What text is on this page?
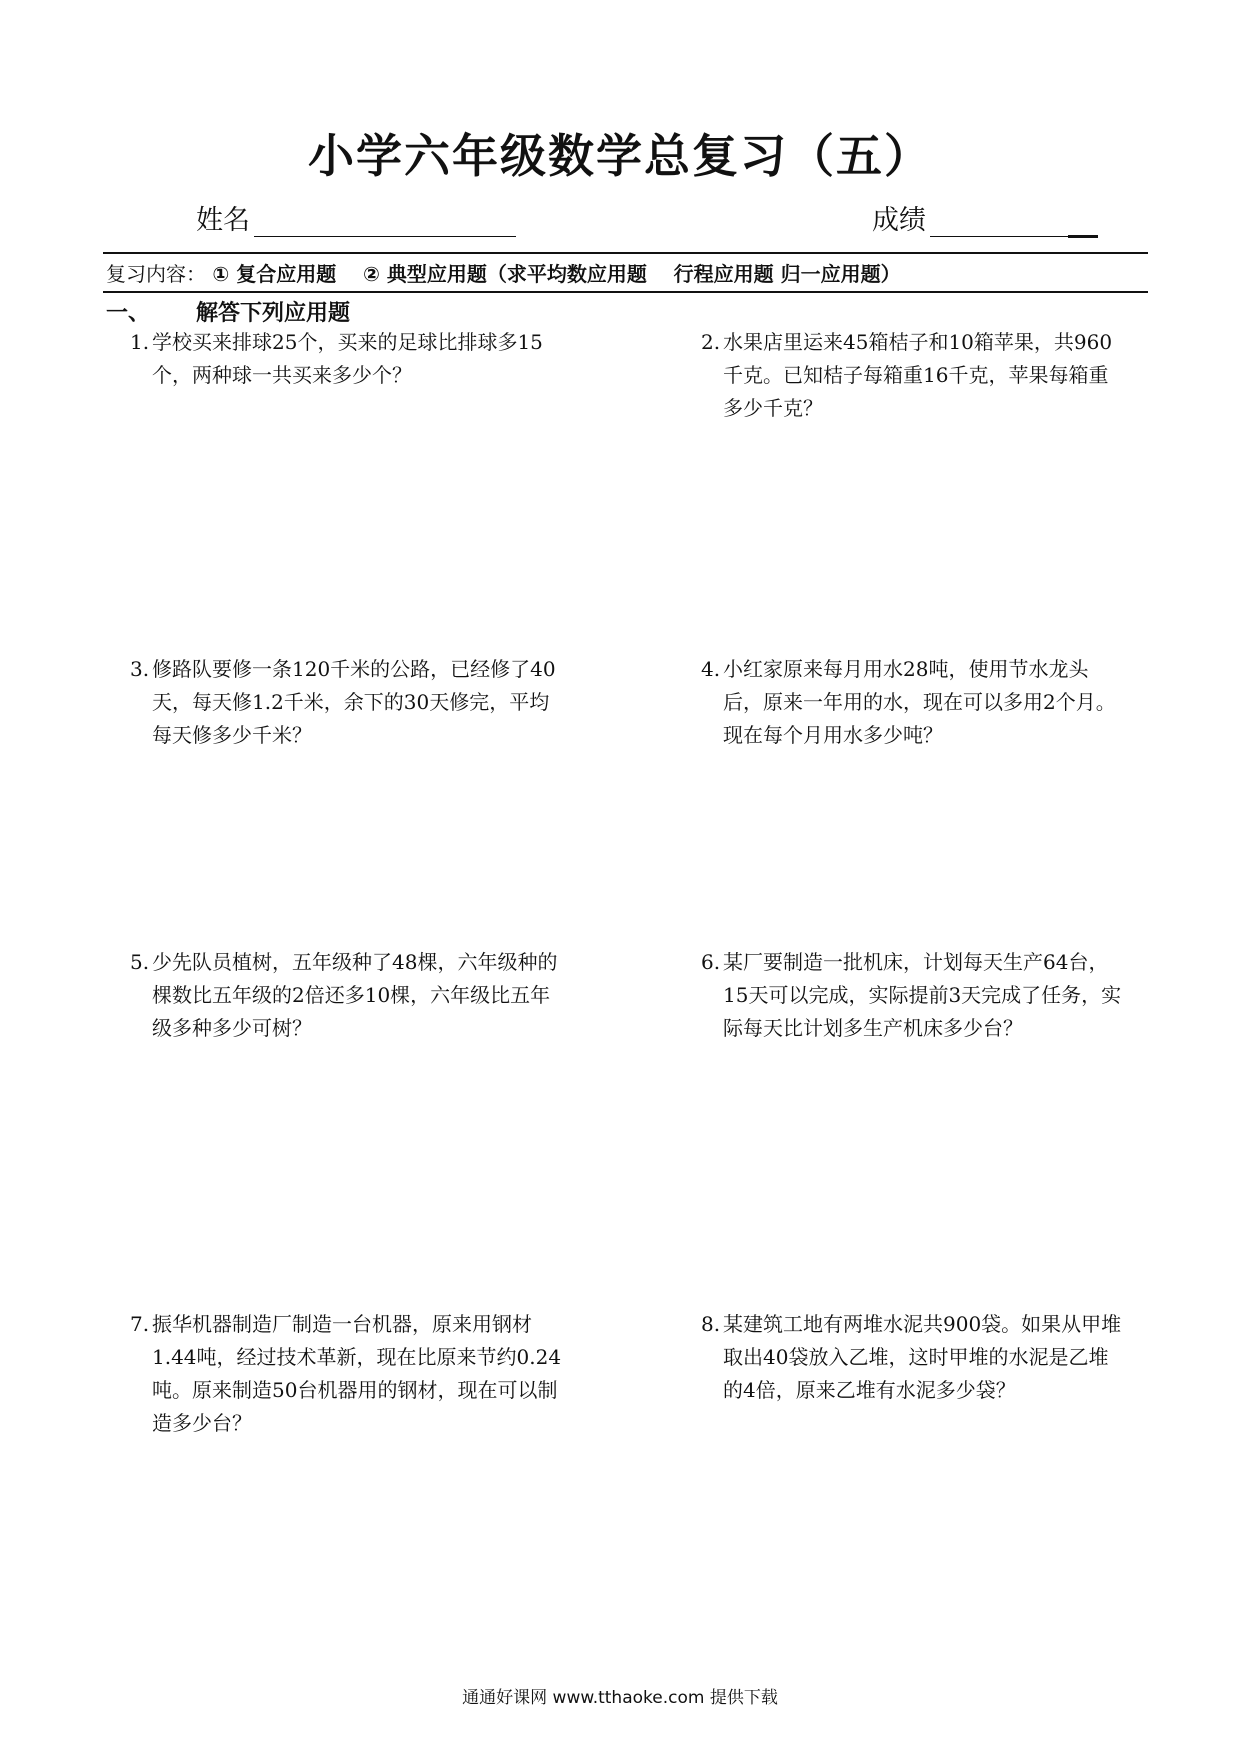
小学六年级数学总复习（五）
姓名	成绩
复习内容： ① 复合应用题 ② 典型应用题（求平均数应用题 行程应用题 归一应用题）
一、 解答下列应用题
1. 学校买来排球25个，买来的足球比排球多15个，两种球一共买来多少个？

2. 水果店里运来45箱桔子和10箱苹果，共960千克。已知桔子每箱重16千克，苹果每箱重多少千克？

3. 修路队要修一条120千米的公路，已经修了40天，每天修1.2千米，余下的30天修完，平均每天修多少千米？

4. 小红家原来每月用水28吨，使用节水龙头后，原来一年用的水，现在可以多用2个月。现在每个月用水多少吨？

5. 少先队员植树，五年级种了48棵，六年级种的棵数比五年级的2倍还多10棵，六年级比五年级多种多少可树？

6. 某厂要制造一批机床，计划每天生产64台，15天可以完成，实际提前3天完成了任务，实际每天比计划多生产机床多少台？

7. 振华机器制造厂制造一台机器，原来用钢材1.44吨，经过技术革新，现在比原来节约0.24吨。原来制造50台机器用的钢材，现在可以制造多少台？

8. 某建筑工地有两堆水泥共900袋。如果从甲堆取出40袋放入乙堆，这时甲堆的水泥是乙堆的4倍，原来乙堆有水泥多少袋？

通通好课网 www.tthaoke.com 提供下载
